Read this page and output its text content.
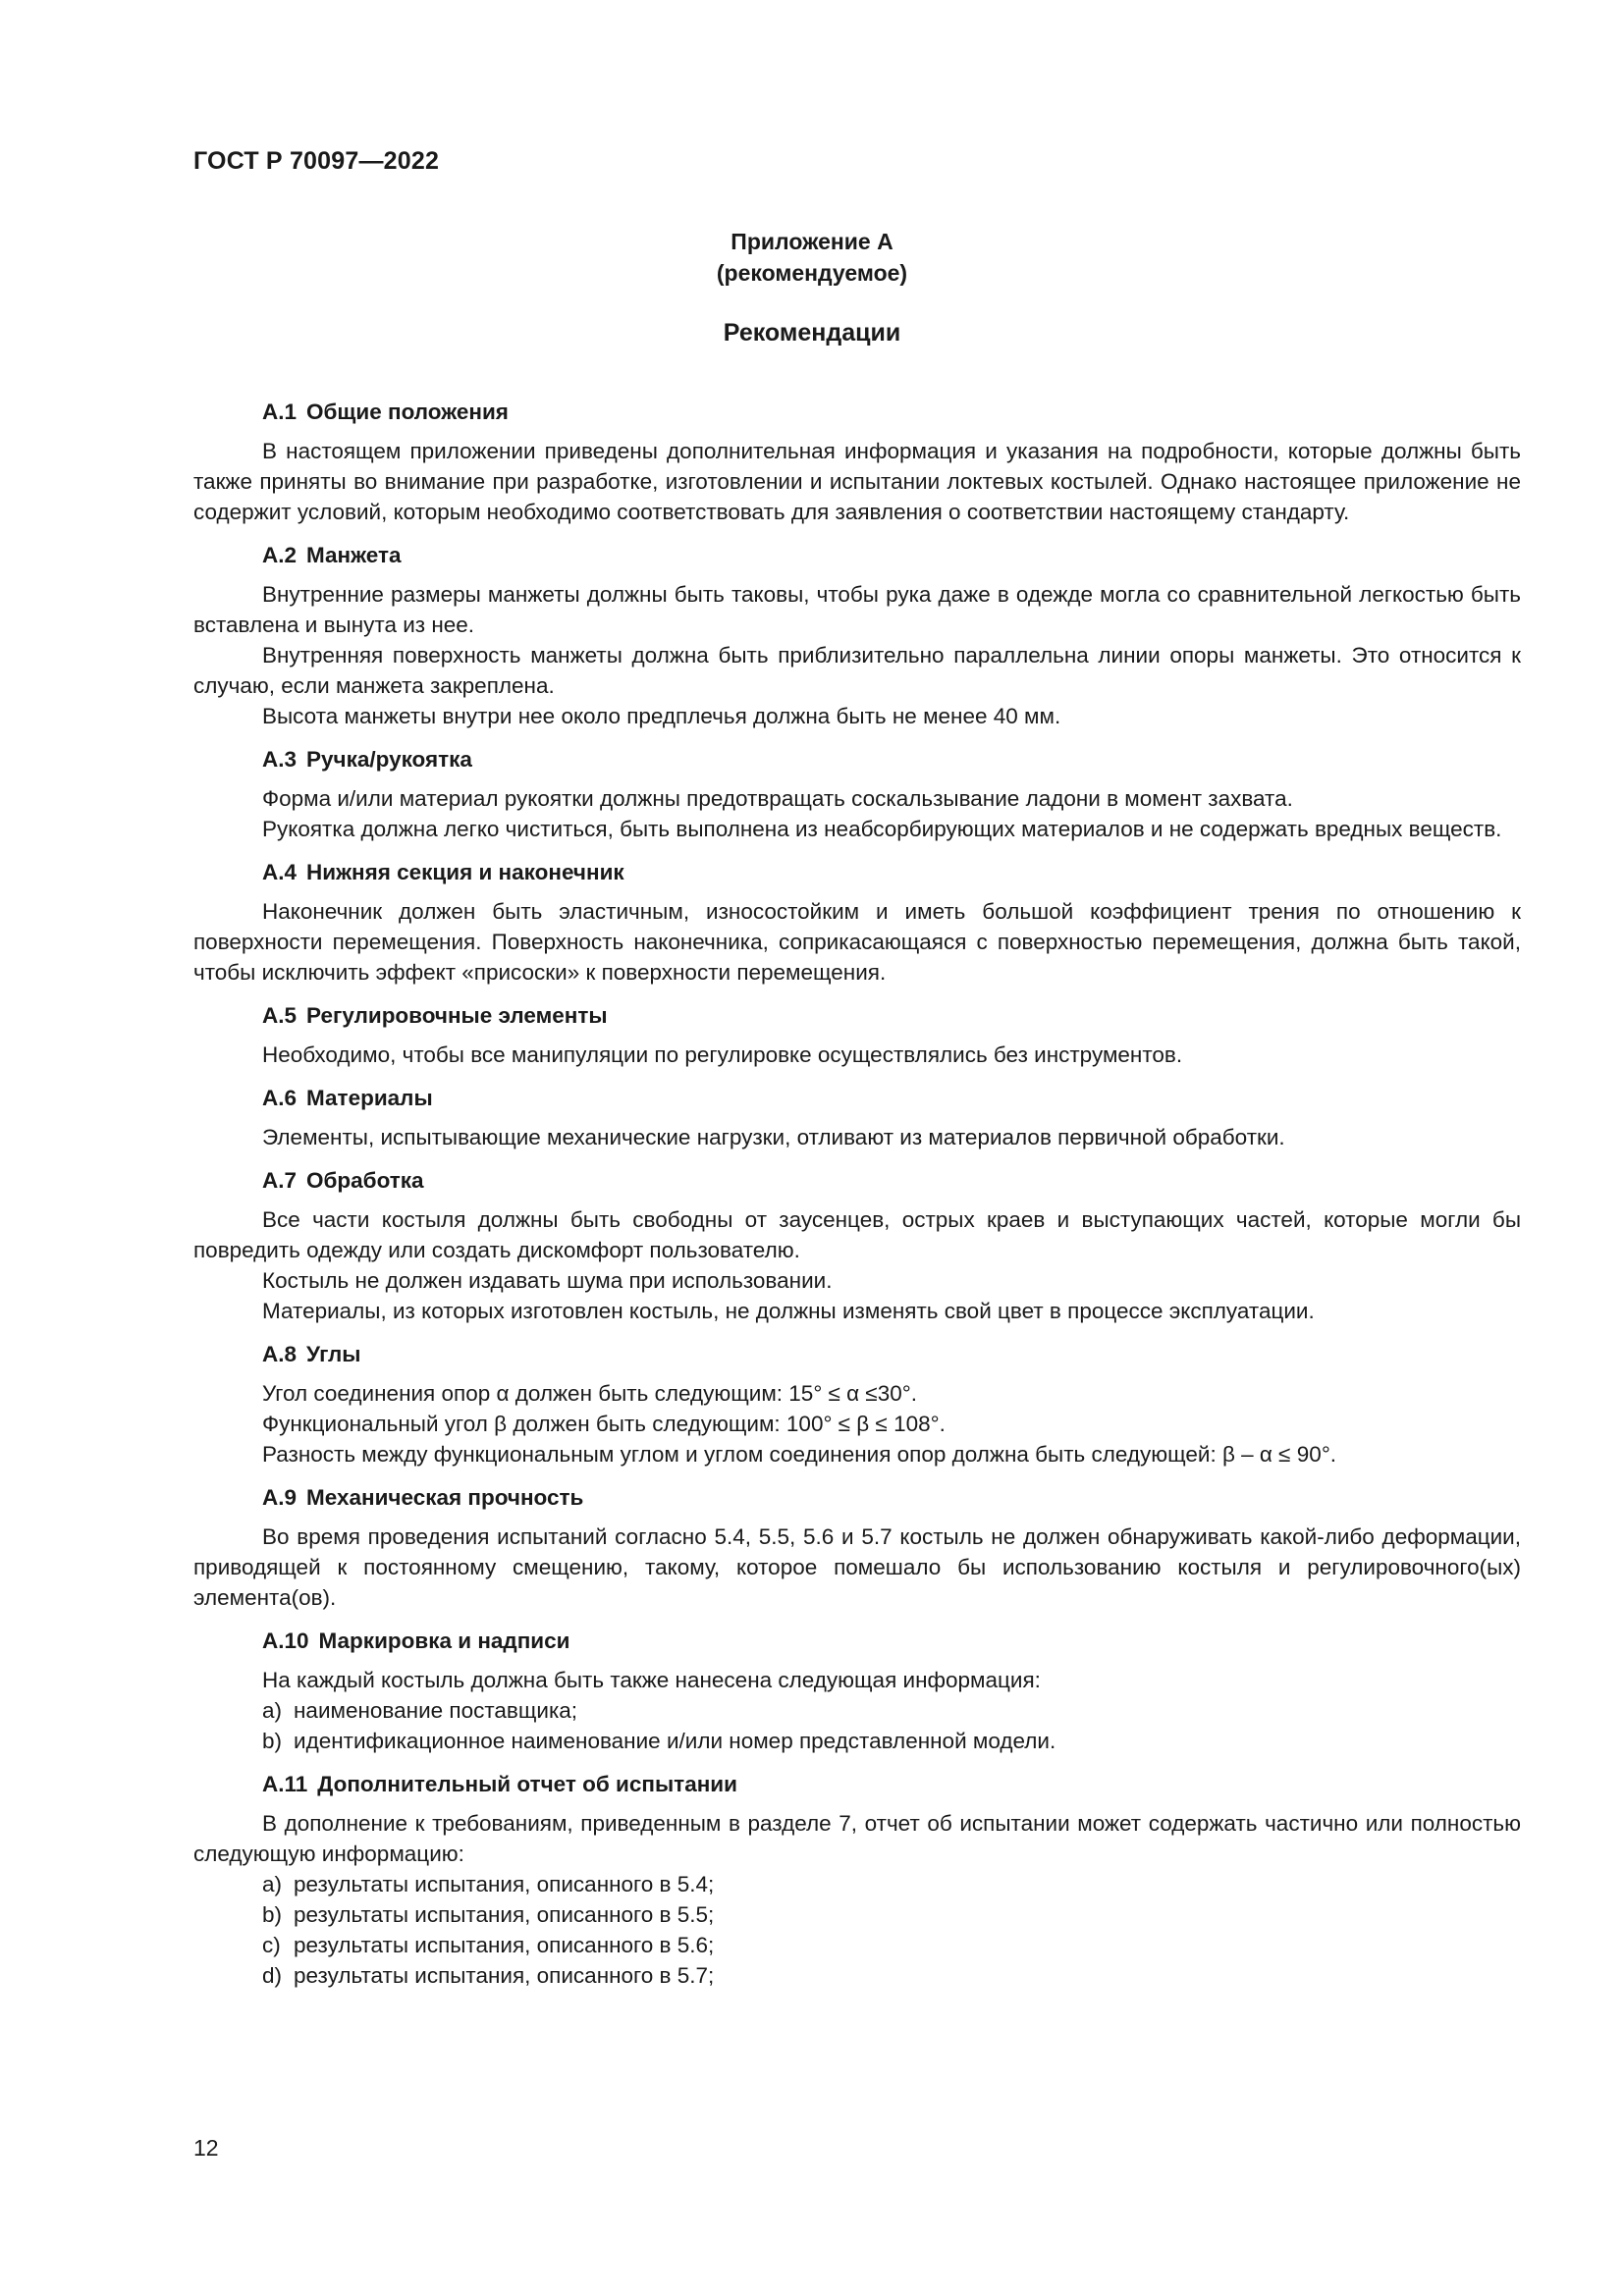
ГОСТ Р 70097—2022
Приложение А
(рекомендуемое)
Рекомендации
А.1 Общие положения

В настоящем приложении приведены дополнительная информация и указания на подробности, которые должны быть также приняты во внимание при разработке, изготовлении и испытании локтевых костылей. Однако настоящее приложение не содержит условий, которым необходимо соответствовать для заявления о соответствии настоящему стандарту.

А.2 Манжета

Внутренние размеры манжеты должны быть таковы, чтобы рука даже в одежде могла со сравнительной легкостью быть вставлена и вынута из нее.

Внутренняя поверхность манжеты должна быть приблизительно параллельна линии опоры манжеты. Это относится к случаю, если манжета закреплена.

Высота манжеты внутри нее около предплечья должна быть не менее 40 мм.

А.3 Ручка/рукоятка

Форма и/или материал рукоятки должны предотвращать соскальзывание ладони в момент захвата.

Рукоятка должна легко чиститься, быть выполнена из неабсорбирующих материалов и не содержать вредных веществ.

А.4 Нижняя секция и наконечник

Наконечник должен быть эластичным, износостойким и иметь большой коэффициент трения по отношению к поверхности перемещения. Поверхность наконечника, соприкасающаяся с поверхностью перемещения, должна быть такой, чтобы исключить эффект «присоски» к поверхности перемещения.

А.5 Регулировочные элементы

Необходимо, чтобы все манипуляции по регулировке осуществлялись без инструментов.

А.6 Материалы

Элементы, испытывающие механические нагрузки, отливают из материалов первичной обработки.

А.7 Обработка

Все части костыля должны быть свободны от заусенцев, острых краев и выступающих частей, которые могли бы повредить одежду или создать дискомфорт пользователю.

Костыль не должен издавать шума при использовании.

Материалы, из которых изготовлен костыль, не должны изменять свой цвет в процессе эксплуатации.

А.8 Углы

Угол соединения опор α должен быть следующим: 15° ≤ α ≤30°.

Функциональный угол β должен быть следующим: 100° ≤ β ≤ 108°.

Разность между функциональным углом и углом соединения опор должна быть следующей: β – α ≤ 90°.

А.9 Механическая прочность

Во время проведения испытаний согласно 5.4, 5.5, 5.6 и 5.7 костыль не должен обнаруживать какой-либо деформации, приводящей к постоянному смещению, такому, которое помешало бы использованию костыля и регулировочного(ых) элемента(ов).

А.10 Маркировка и надписи

На каждый костыль должна быть также нанесена следующая информация:

a) наименование поставщика;
b) идентификационное наименование и/или номер представленной модели.
А.11 Дополнительный отчет об испытании

В дополнение к требованиям, приведенным в разделе 7, отчет об испытании может содержать частично или полностью следующую информацию:

a) результаты испытания, описанного в 5.4;
b) результаты испытания, описанного в 5.5;
c) результаты испытания, описанного в 5.6;
d) результаты испытания, описанного в 5.7;
12
